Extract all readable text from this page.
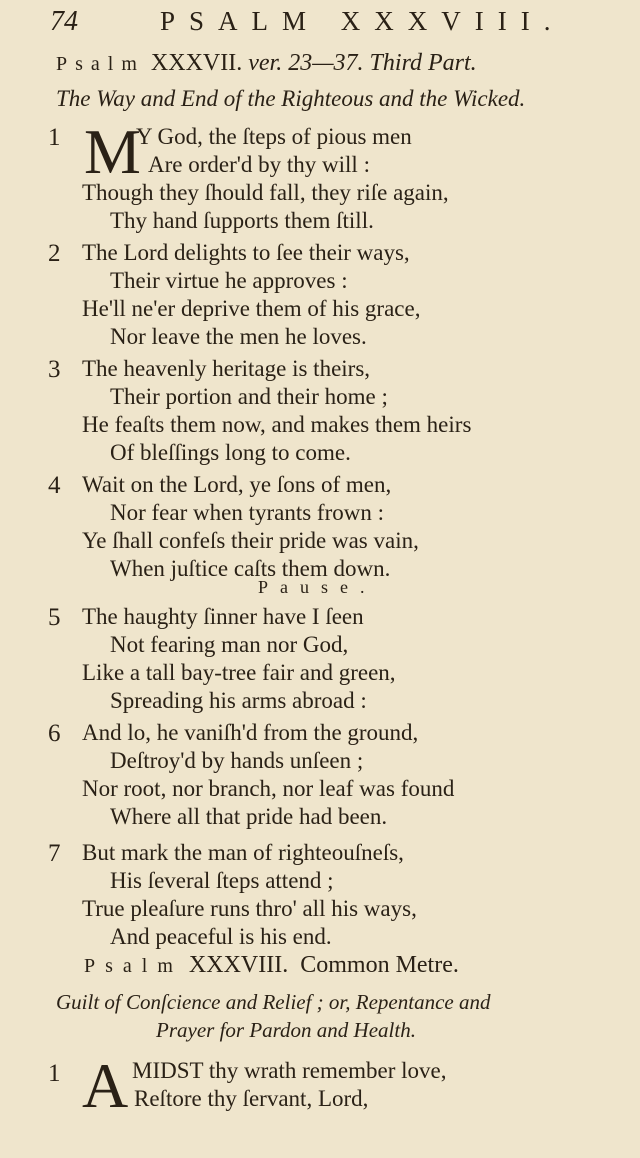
74	PSALM XXXVIII.
Psalm XXXVII. ver. 23—37. Third Part.
The Way and End of the Righteous and the Wicked.
1 M
Y God, the ſteps of pious men
Are order'd by thy will :
Though they ſhould fall, they riſe again,
Thy hand ſupports them ſtill.
2 The Lord delights to ſee their ways,
Their virtue he approves :
He'll ne'er deprive them of his grace,
Nor leave the men he loves.
3 The heavenly heritage is theirs,
Their portion and their home ;
He feaſts them now, and makes them heirs
Of bleſſings long to come.
4 Wait on the Lord, ye ſons of men,
Nor fear when tyrants frown :
Ye ſhall confeſs their pride was vain,
When juſtice caſts them down.
5 The haughty ſinner have I ſeen
Not fearing man nor God,
Like a tall bay-tree fair and green,
Spreading his arms abroad :
6 And lo, he vaniſh'd from the ground,
Deſtroy'd by hands unſeen ;
Nor root, nor branch, nor leaf was found
Where all that pride had been.
7 But mark the man of righteouſneſs,
His ſeveral ſteps attend ;
True pleaſure runs thro' all his ways,
And peaceful is his end.
Pause.
Psalm XXXVIII. Common Metre.
Guilt of Conſcience and Relief ; or, Repentance and
Prayer for Pardon and Health.
1 A MIDST thy wrath remember love,
Reſtore thy ſervant, Lord,
